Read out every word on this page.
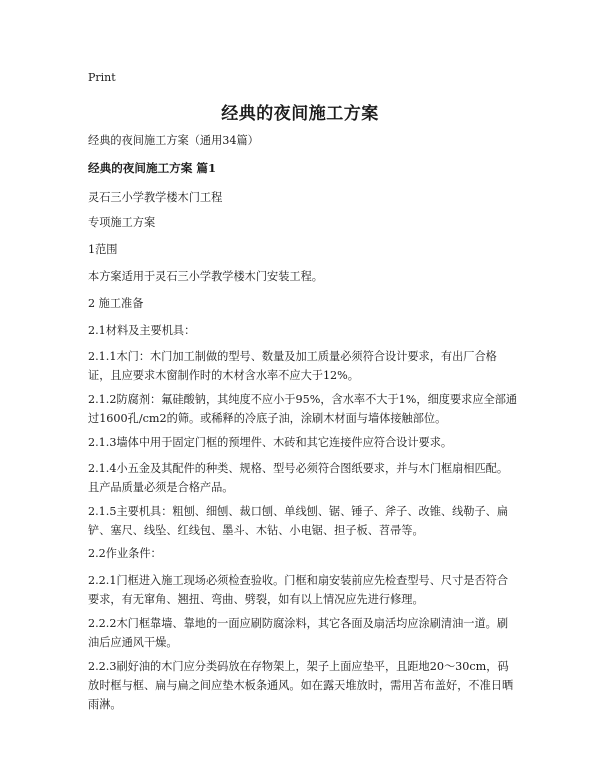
Print
经典的夜间施工方案

经典的夜间施工方案（通用34篇）

经典的夜间施工方案 篇1

灵石三小学教学楼木门工程

专项施工方案

1范围

本方案适用于灵石三小学教学楼木门安装工程。

2 施工准备

2.1材料及主要机具：

2.1.1木门：木门加工制做的型号、数量及加工质量必须符合设计要求，有出厂合格证，且应要求木窗制作时的木材含水率不应大于12%。

2.1.2防腐剂：氟硅酸钠，其纯度不应小于95%，含水率不大于1%，细度要求应全部通过1600孔/cm2的筛。或稀释的冷底子油，涂刷木材面与墙体接触部位。

2.1.3墙体中用于固定门框的预埋件、木砖和其它连接件应符合设计要求。

2.1.4小五金及其配件的种类、规格、型号必须符合图纸要求，并与木门框扇相匹配。且产品质量必须是合格产品。

2.1.5主要机具：粗刨、细刨、裁口刨、单线刨、锯、锤子、斧子、改锥、线勒子、扁铲、塞尺、线坠、红线包、墨斗、木钻、小电锯、担子板、苕帚等。

2.2作业条件：

2.2.1门框进入施工现场必须检查验收。门框和扇安装前应先检查型号、尺寸是否符合要求，有无窜角、翘扭、弯曲、劈裂，如有以上情况应先进行修理。

2.2.2木门框靠墙、靠地的一面应刷防腐涂料，其它各面及扇活均应涂刷清油一道。刷油后应通风干燥。

2.2.3刷好油的木门应分类码放在存物架上，架子上面应垫平，且距地20～30cm，码放时框与框、扁与扁之间应垫木板条通风。如在露天堆放时，需用苫布盖好，不准日晒雨淋。
